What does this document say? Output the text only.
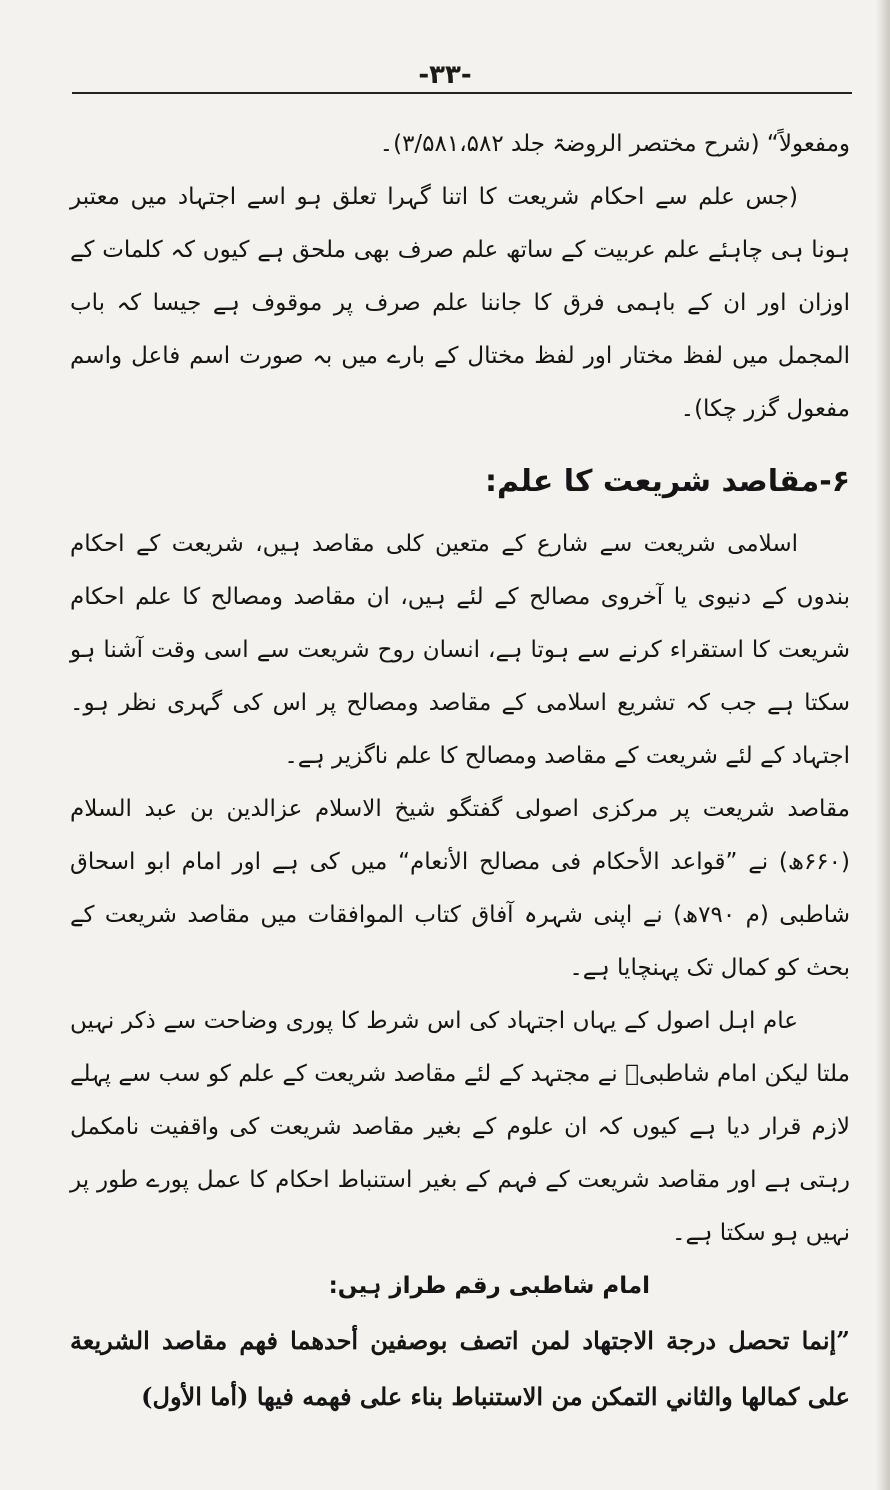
-۳۳-

ومفعولاً“ (شرح مختصر الروضۃ جلد ۳/۵۸۱،۵۸۲)۔

(جس علم سے احکام شریعت کا اتنا گہرا تعلق ہو اسے اجتہاد میں معتبر ہونا ہی چاہئے علم عربیت کے ساتھ علم صرف بھی ملحق ہے کیوں کہ کلمات کے اوزان اور ان کے باہمی فرق کا جاننا علم صرف پر موقوف ہے جیسا کہ باب المجمل میں لفظ مختار اور لفظ مختال کے بارے میں بہ صورت اسم فاعل واسم مفعول گزر چکا)۔

۶-مقاصد شریعت کا علم:

اسلامی شریعت سے شارع کے متعین کلی مقاصد ہیں، شریعت کے احکام بندوں کے دنیوی یا آخروی مصالح کے لئے ہیں، ان مقاصد ومصالح کا علم احکام شریعت کا استقراء کرنے سے ہوتا ہے، انسان روح شریعت سے اسی وقت آشنا ہو سکتا ہے جب کہ تشریع اسلامی کے مقاصد ومصالح پر اس کی گہری نظر ہو۔ اجتہاد کے لئے شریعت کے مقاصد ومصالح کا علم ناگزیر ہے۔

مقاصد شریعت پر مرکزی اصولی گفتگو شیخ الاسلام عزالدین بن عبد السلام (۶۶۰ھ) نے ”قواعد الأحکام فی مصالح الأنعام“ میں کی ہے اور امام ابو اسحاق شاطبی (م ۷۹۰ھ) نے اپنی شہرہ آفاق کتاب الموافقات میں مقاصد شریعت کے بحث کو کمال تک پہنچایا ہے۔

عام اہل اصول کے یہاں اجتہاد کی اس شرط کا پوری وضاحت سے ذکر نہیں ملتا لیکن امام شاطبیؒ نے مجتہد کے لئے مقاصد شریعت کے علم کو سب سے پہلے لازم قرار دیا ہے کیوں کہ ان علوم کے بغیر مقاصد شریعت کی واقفیت نامکمل رہتی ہے اور مقاصد شریعت کے فہم کے بغیر استنباط احکام کا عمل پورے طور پر نہیں ہو سکتا ہے۔

امام شاطبی رقم طراز ہیں:

”إنما تحصل درجة الاجتهاد لمن اتصف بوصفين أحدهما فهم مقاصد الشريعة على كمالها والثاني التمكن من الاستنباط بناء على فهمه فيها (أما الأول)
